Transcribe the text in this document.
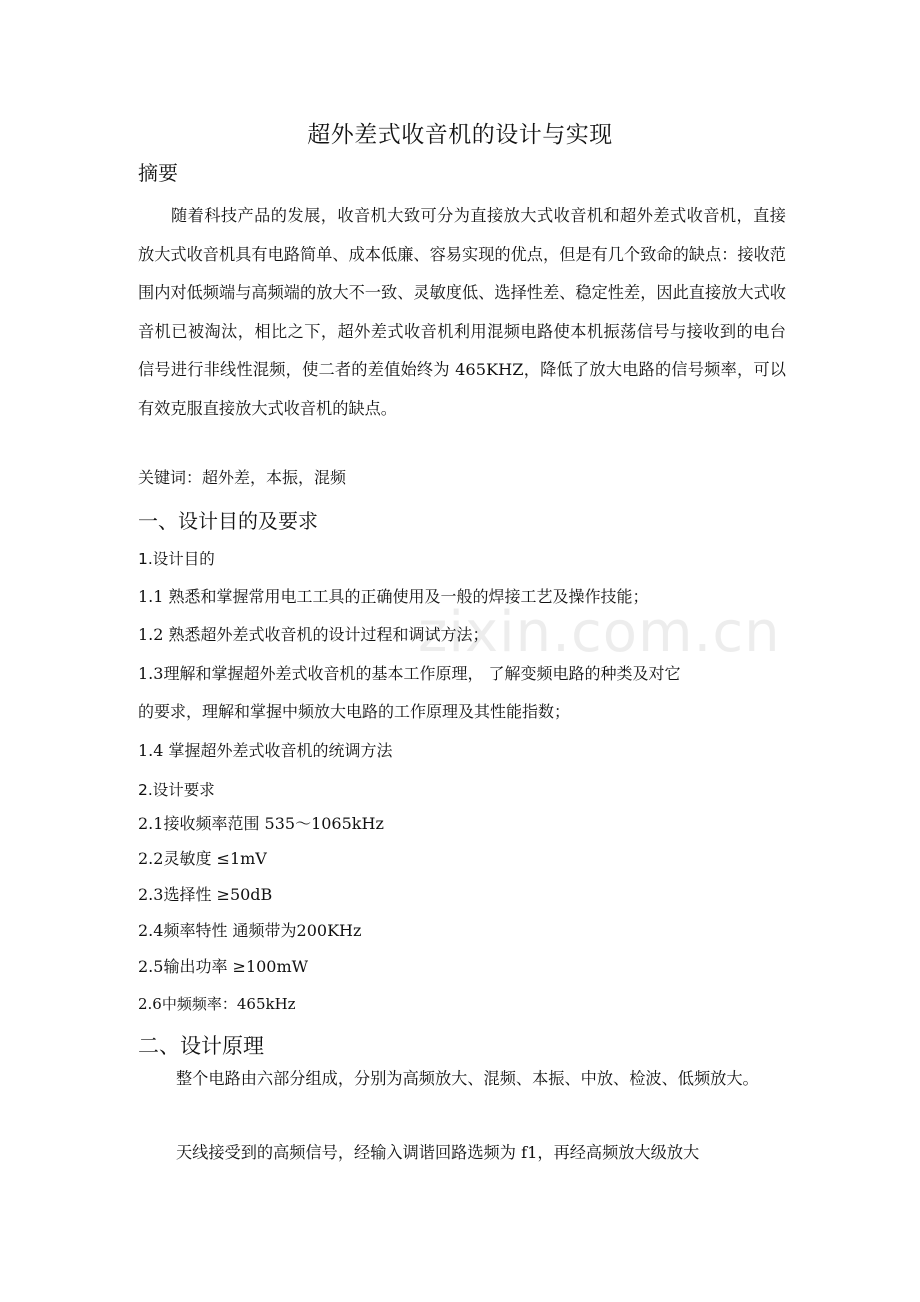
超外差式收音机的设计与实现
摘要

随着科技产品的发展，收音机大致可分为直接放大式收音机和超外差式收音机，直接放大式收音机具有电路简单、成本低廉、容易实现的优点，但是有几个致命的缺点：接收范围内对低频端与高频端的放大不一致、灵敏度低、选择性差、稳定性差，因此直接放大式收音机已被淘汰，相比之下，超外差式收音机利用混频电路使本机振荡信号与接收到的电台 信号进行非线性混频，使二者的差值始终为 465KHZ，降低了放大电路的信号频率，可以有效克服直接放大式收音机的缺点。

关键词：超外差，本振，混频
一、设计目的及要求
1.设计目的
1.1 熟悉和掌握常用电工工具的正确使用及一般的焊接工艺及操作技能；
1.2 熟悉超外差式收音机的设计过程和调试方法；
1.3理解和掌握超外差式收音机的基本工作原理， 了解变频电路的种类及对它
的要求，理解和掌握中频放大电路的工作原理及其性能指数；
1.4 掌握超外差式收音机的统调方法
2.设计要求
2.1接收频率范围 535～1065kHz
2.2灵敏度 ≤1mV
2.3选择性 ≥50dB
2.4频率特性 通频带为200KHz
2.5输出功率 ≥100mW
2.6中频频率：465kHz
二、设计原理

整个电路由六部分组成，分别为高频放大、混频、本振、中放、检波、低频放大。

天线接受到的高频信号，经输入调谐回路选频为 f1，再经高频放大级放大

zixin.com.cn
